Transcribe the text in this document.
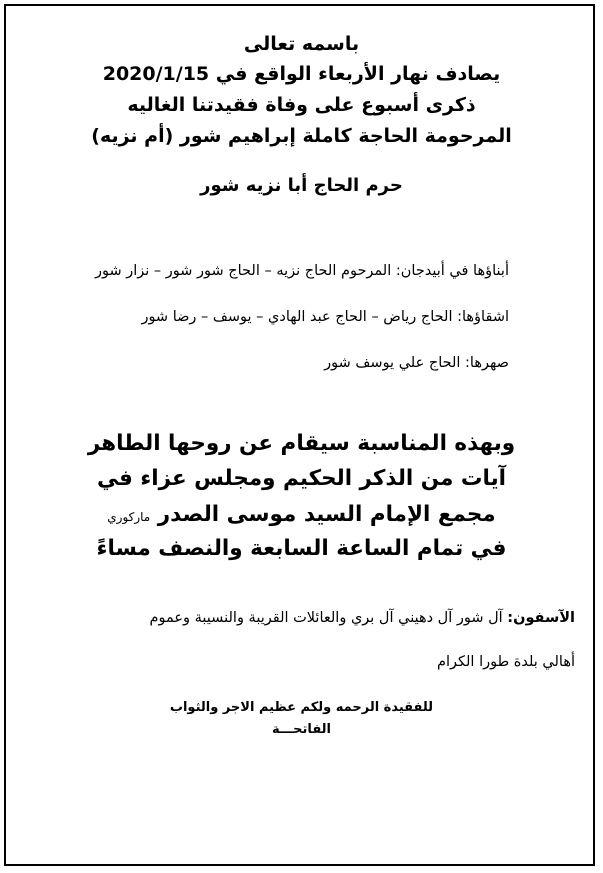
باسمه تعالى

يصادف نهار الأربعاء الواقع في 2020/1/15

ذكرى أسبوع على وفاة فقيدتنا الغاليه

المرحومة الحاجة كاملة إبراهيم شور (أم نزيه)

حرم الحاج أبا نزيه شور

أبناؤها في أبيدجان: المرحوم الحاج نزيه – الحاج شور شور – نزار شور

اشقاؤها: الحاج رياض – الحاج عبد الهادي – يوسف – رضا شور

صهرها: الحاج علي يوسف شور

وبهذه المناسبة سيقام عن روحها الطاهر

آيات من الذكر الحكيم ومجلس عزاء في

مجمع الإمام السيد موسى الصدر ماركوري

في تمام الساعة السابعة والنصف مساءً

الآسفون: آل شور آل دهيني آل بري والعائلات القريبة والنسيبة وعموم

أهالي بلدة طورا الكرام

للفقيدة الرحمه ولكم عظيم الاجر والثواب

الفاتحـــة
